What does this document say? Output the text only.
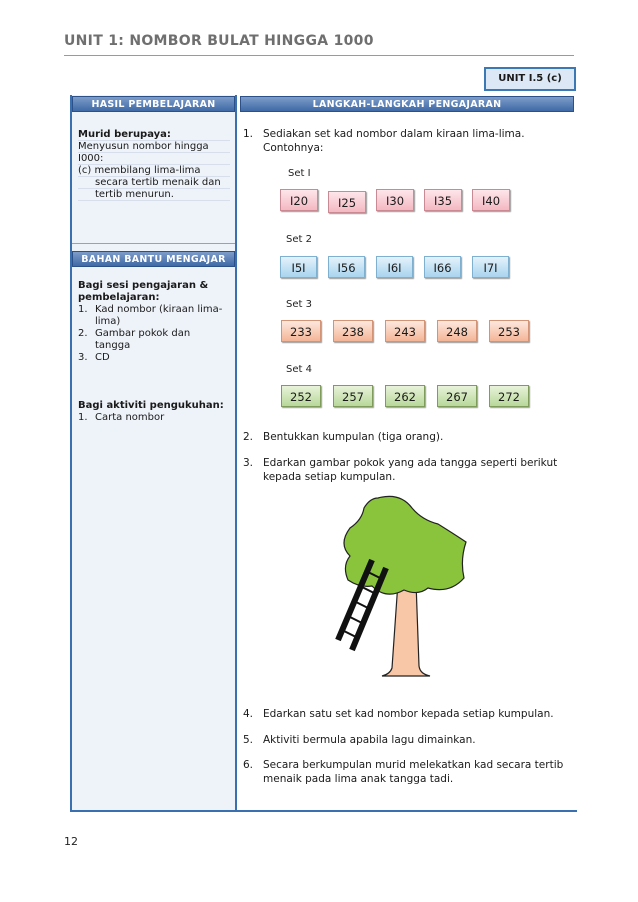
UNIT 1: NOMBOR BULAT HINGGA 1000
UNIT I.5 (c)
HASIL PEMBELAJARAN	LANGKAH-LANGKAH PENGAJARAN
Murid berupaya:
Menyusun nombor hingga
I000:
(c) membilang lima-lima
secara tertib menaik dan
tertib menurun.
BAHAN BANTU MENGAJAR
Bagi sesi pengajaran &
pembelajaran:
1. Kad nombor (kiraan lima-
lima)
2. Gambar pokok dan
tangga
3. CD
Bagi aktiviti pengukuhan:
1. Carta nombor
1. Sediakan set kad nombor dalam kiraan lima-lima.
Contohnya:
Set I
I20	I25	I30	I35	I40
Set 2
I5I	I56	I6I	I66	I7I
Set 3
233	238	243	248	253
Set 4
252	257	262	267	272
2. Bentukkan kumpulan (tiga orang).
3. Edarkan gambar pokok yang ada tangga seperti berikut
kepada setiap kumpulan.
4. Edarkan satu set kad nombor kepada setiap kumpulan.
5. Aktiviti bermula apabila lagu dimainkan.
6. Secara berkumpulan murid melekatkan kad secara tertib
menaik pada lima anak tangga tadi.
12
